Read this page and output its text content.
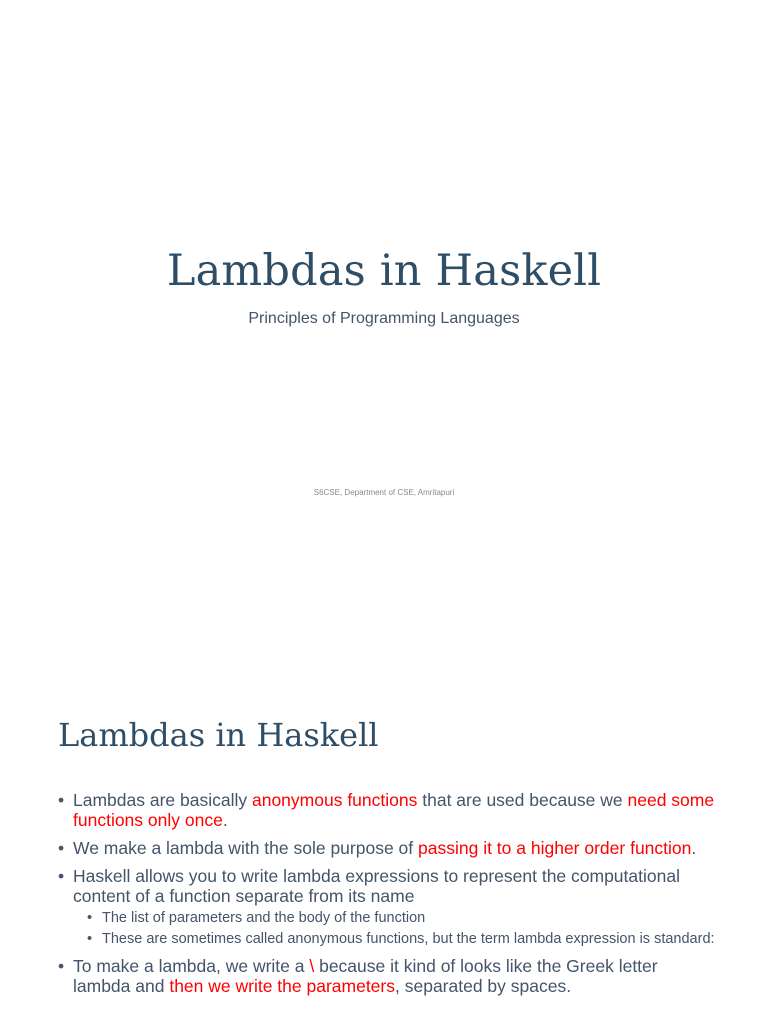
Lambdas in Haskell
Principles of Programming Languages
S6CSE, Department of CSE, Amritapuri
Lambdas in Haskell
• Lambdas are basically anonymous functions that are used because we need some functions only once.
• We make a lambda with the sole purpose of passing it to a higher order function.
• Haskell allows you to write lambda expressions to represent the computational content of a function separate from its name
• The list of parameters and the body of the function
• These are sometimes called anonymous functions, but the term lambda expression is standard:
• To make a lambda, we write a \ because it kind of looks like the Greek letter lambda and then we write the parameters, separated by spaces.
